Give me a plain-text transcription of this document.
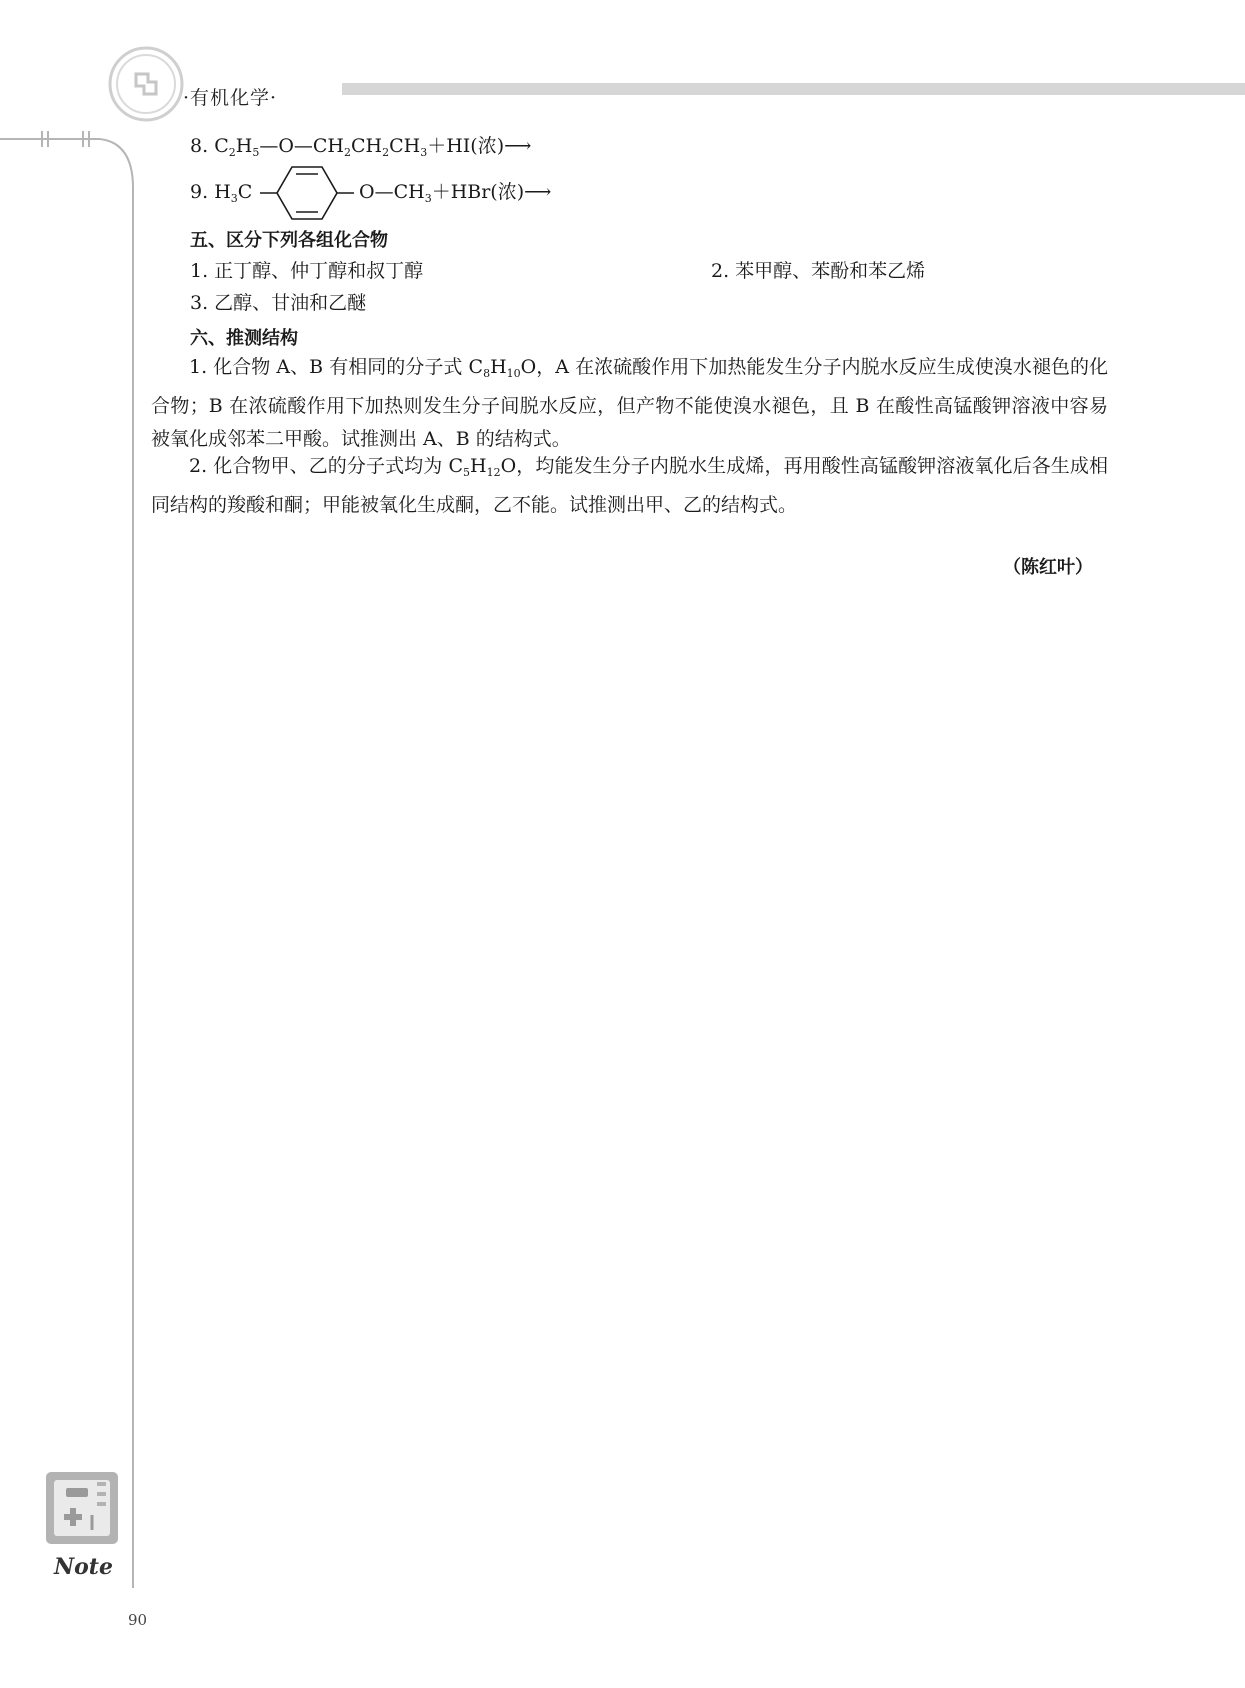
·有机化学·
8. $C_2H_5—O—CH_2CH_2CH_3+HI$(浓)⟶
9. $H_3C$	$O—CH_3+HBr$(浓)⟶
五、区分下列各组化合物
1. 正丁醇、仲丁醇和叔丁醇	2. 苯甲醇、苯酚和苯乙烯
3. 乙醇、甘油和乙醚
六、推测结构
1. 化合物 A、B 有相同的分子式 $C_8H_{10}O$，A 在浓硫酸作用下加热能发生分子内脱水反应生成使溴水褪色的化合物；B 在浓硫酸作用下加热则发生分子间脱水反应，但产物不能使溴水褪色，且 B 在酸性高锰酸钾溶液中容易被氧化成邻苯二甲酸。试推测出 A、B 的结构式。
2. 化合物甲、乙的分子式均为 $C_5H_{12}O$，均能发生分子内脱水生成烯，再用酸性高锰酸钾溶液氧化后各生成相同结构的羧酸和酮；甲能被氧化生成酮，乙不能。试推测出甲、乙的结构式。
（陈红叶）
Note
90
